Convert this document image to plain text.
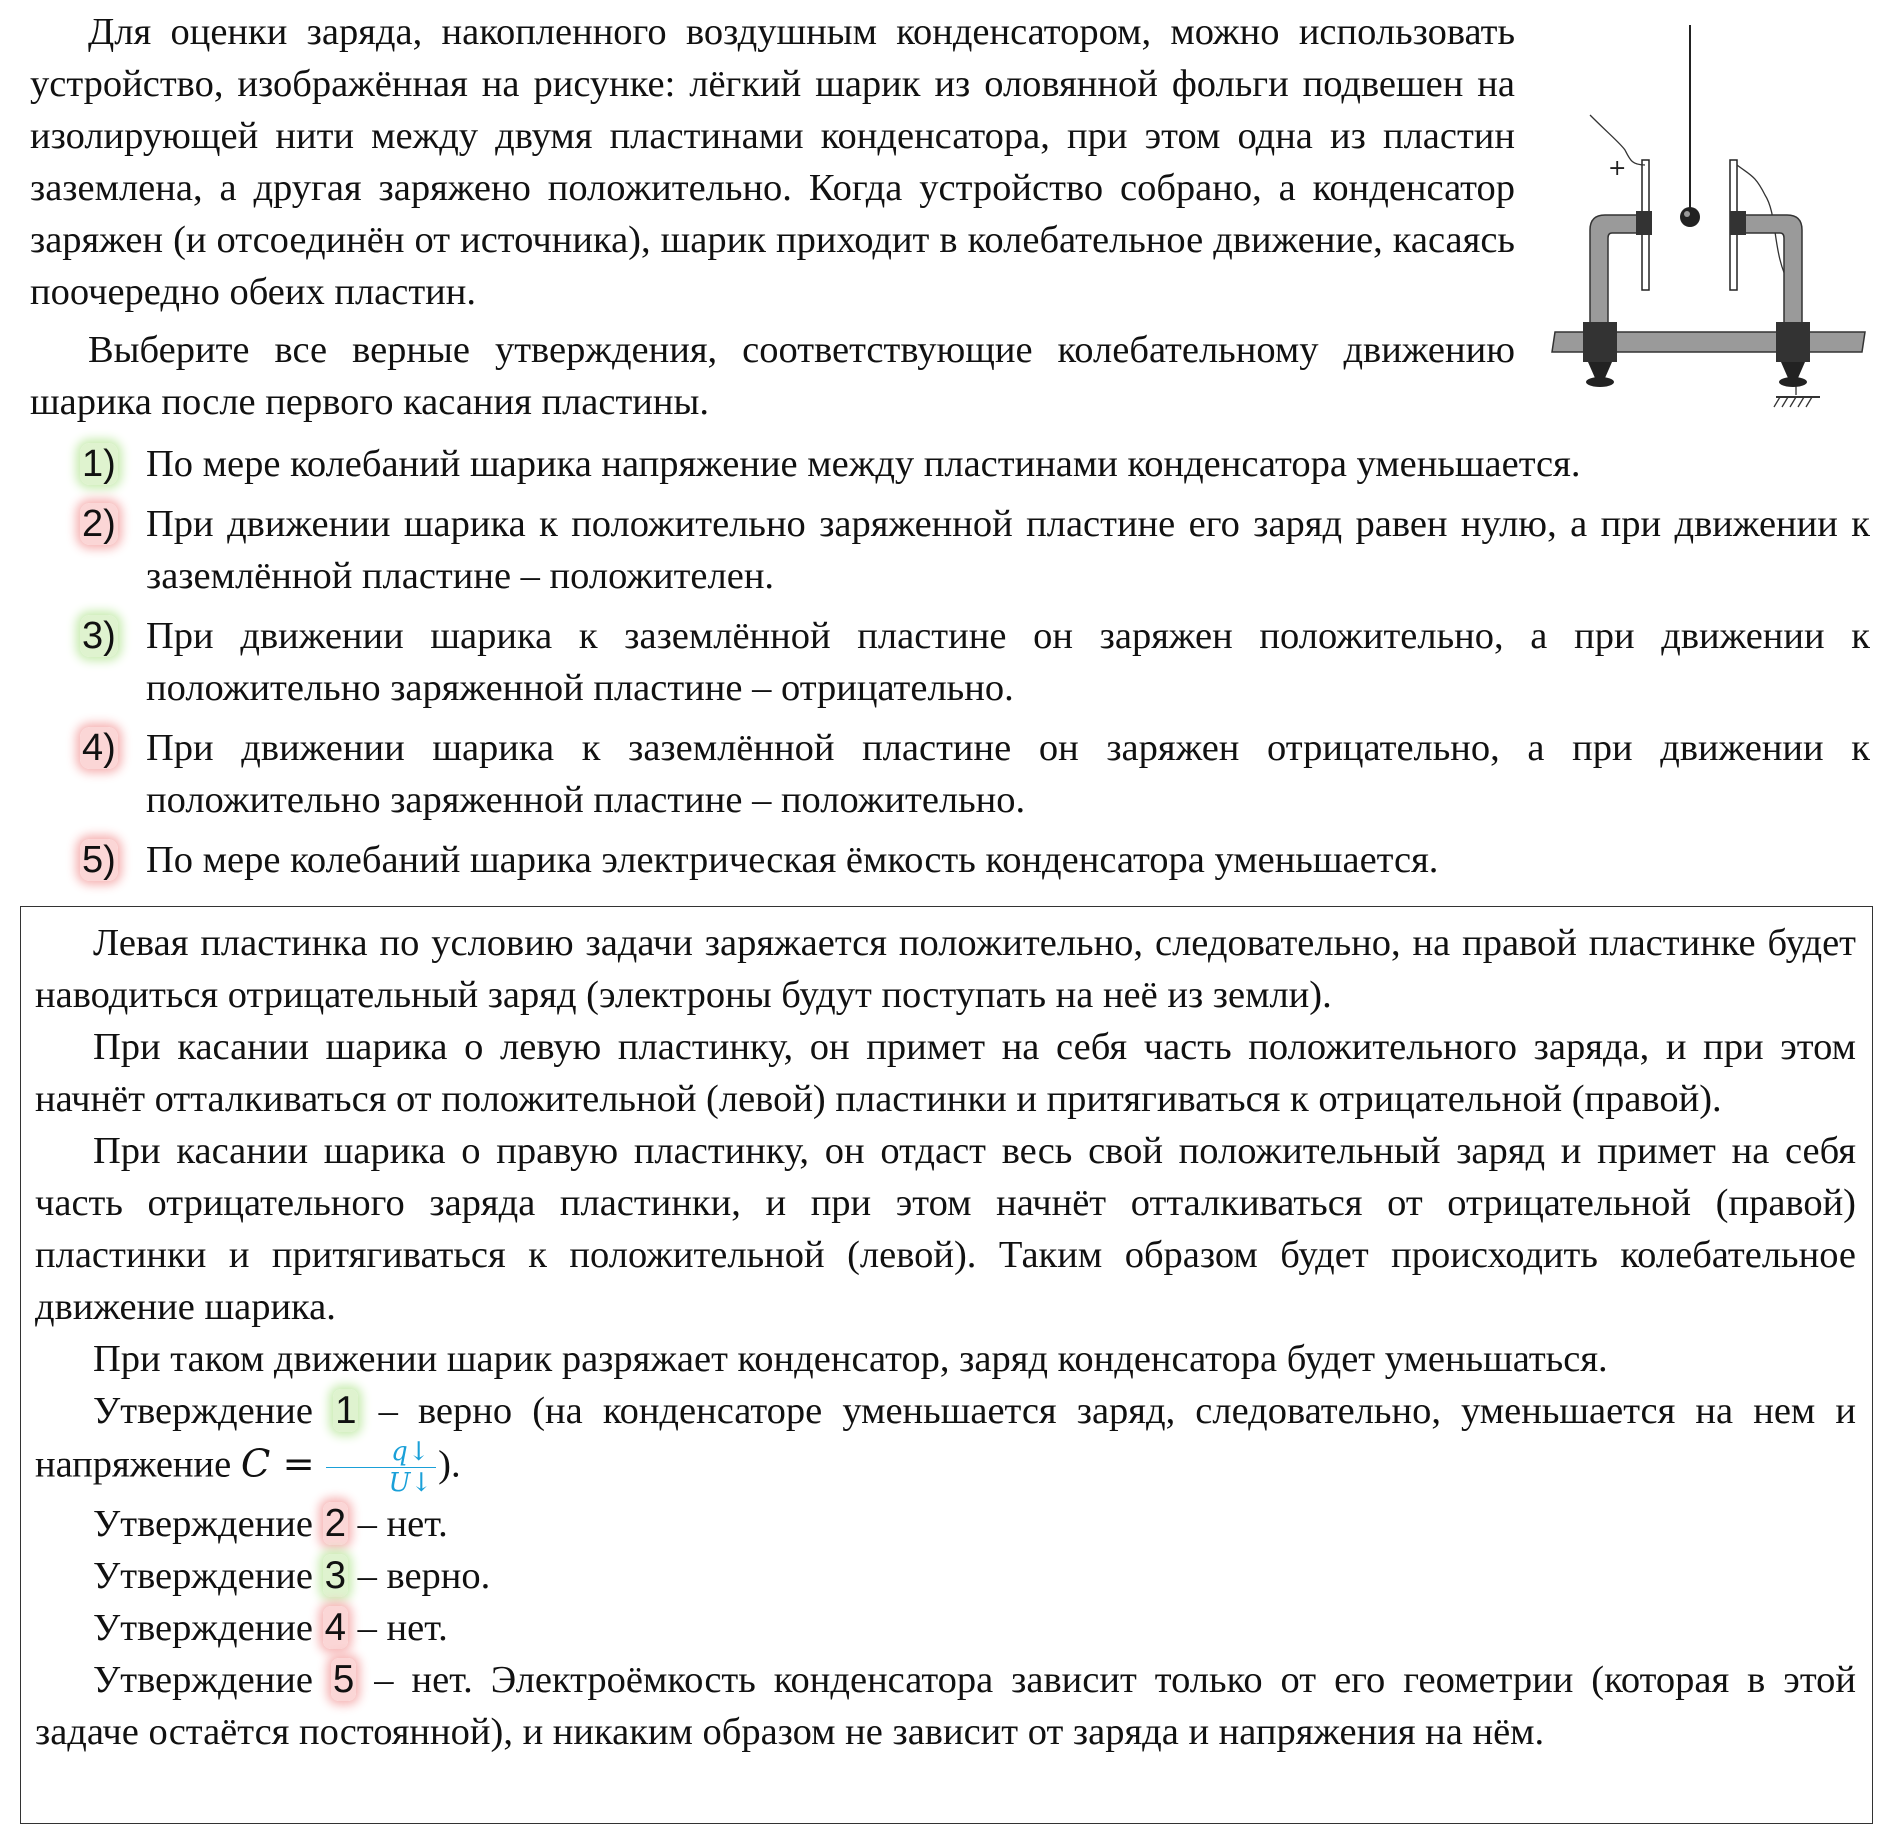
Для оценки заряда, накопленного воздушным конденсатором, можно использовать устройство, изображённая на рисунке: лёгкий шарик из оловянной фольги подвешен на изолирующей нити между двумя пластинами конденсатора, при этом одна из пластин заземлена, а другая заряжено положительно. Когда устройство собрано, а конденсатор заряжен (и отсоединён от источника), шарик приходит в колебательное движение, касаясь поочередно обеих пластин.

Выберите все верные утверждения, соответствующие колебательному движению шарика после первого касания пластины.

+
1) По мере колебаний шарика напряжение между пластинами конденсатора уменьшается.
2) При движении шарика к положительно заряженной пластине его заряд равен нулю, а при движении к заземлённой пластине – положителен.
3) При движении шарика к заземлённой пластине он заряжен положительно, а при движении к положительно заряженной пластине – отрицательно.
4) При движении шарика к заземлённой пластине он заряжен отрицательно, а при движении к положительно заряженной пластине – положительно.
5) По мере колебаний шарика электрическая ёмкость конденсатора уменьшается.

Левая пластинка по условию задачи заряжается положительно, следовательно, на правой пластинке будет наводиться отрицательный заряд (электроны будут поступать на неё из земли).

При касании шарика о левую пластинку, он примет на себя часть положительного заряда, и при этом начнёт отталкиваться от положительной (левой) пластинки и притягиваться к отрицательной (правой).

При касании шарика о правую пластинку, он отдаст весь свой положительный заряд и примет на себя часть отрицательного заряда пластинки, и при этом начнёт отталкиваться от отрицательной (правой) пластинки и притягиваться к положительной (левой). Таким образом будет происходить колебательное движение шарика.

При таком движении шарик разряжает конденсатор, заряд конденсатора будет уменьшаться.

Утверждение 1 – верно (на конденсаторе уменьшается заряд, следовательно, уменьшается на нем и напряжение $C = \frac{q↓}{U↓}$ ).

Утверждение 2 – нет.

Утверждение 3 – верно.

Утверждение 4 – нет.

Утверждение 5 – нет. Электроёмкость конденсатора зависит только от его геометрии (которая в этой задаче остаётся постоянной), и никаким образом не зависит от заряда и напряжения на нём.
